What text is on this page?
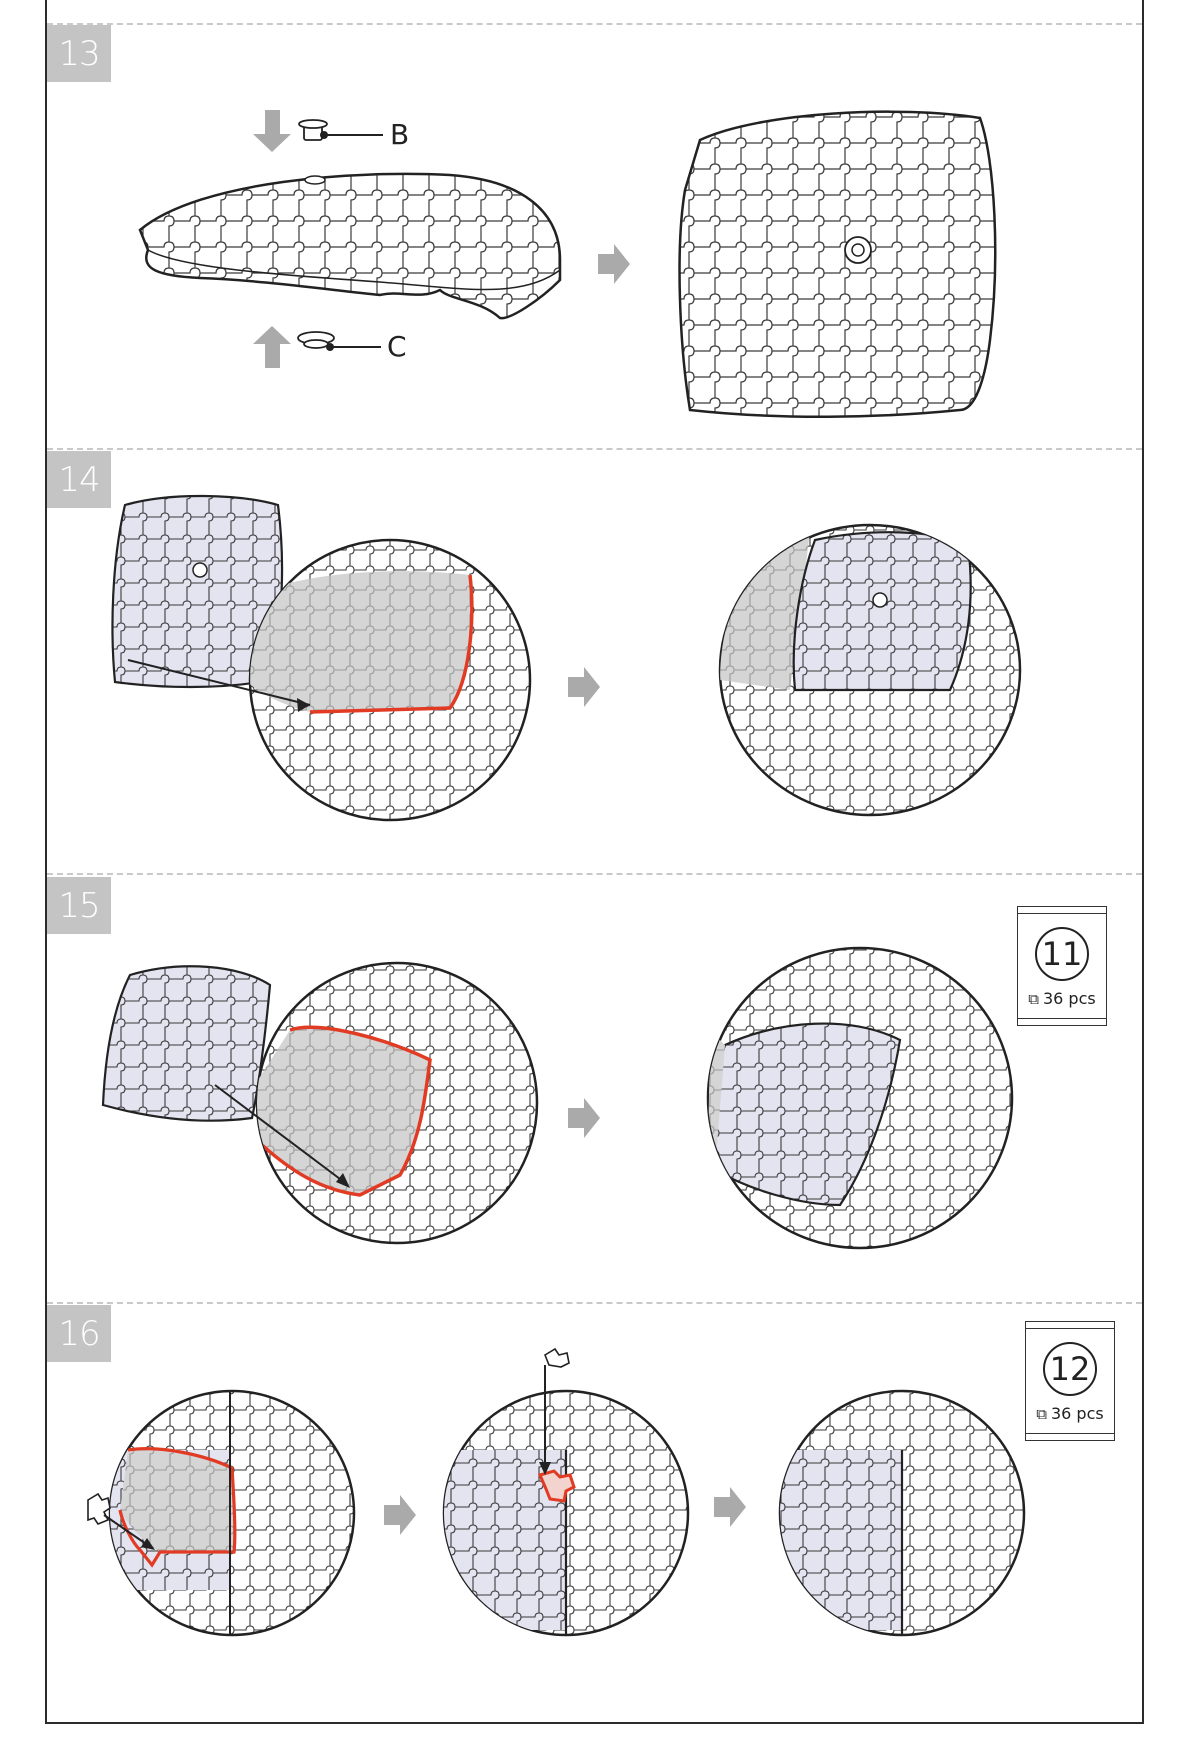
13
14
15
16
B
C
11
⧉ 36 pcs
12
⧉ 36 pcs
